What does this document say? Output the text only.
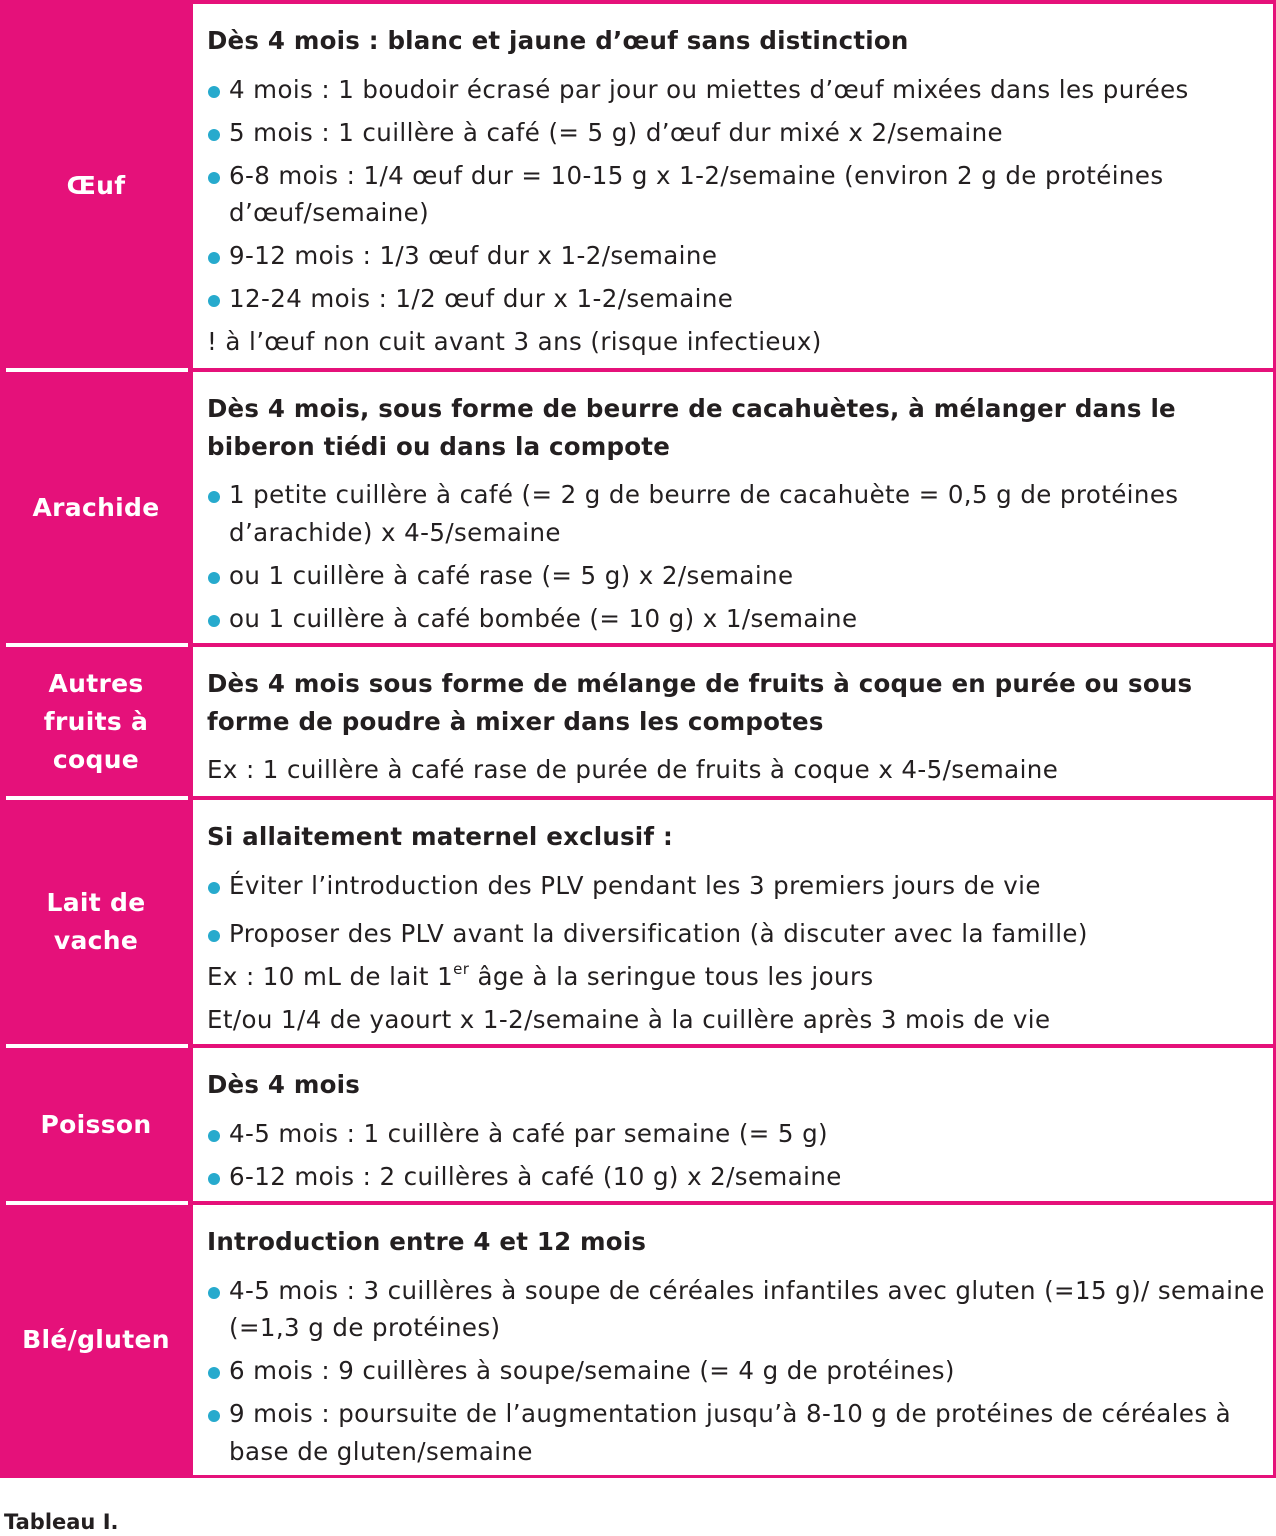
Œuf
Dès 4 mois : blanc et jaune d’œuf sans distinction
4 mois : 1 boudoir écrasé par jour ou miettes d’œuf mixées dans les purées
5 mois : 1 cuillère à café (= 5 g) d’œuf dur mixé x 2/semaine
6-8 mois : 1/4 œuf dur = 10-15 g x 1-2/semaine (environ 2 g de protéines d’œuf/semaine)
9-12 mois : 1/3 œuf dur x 1-2/semaine
12-24 mois : 1/2 œuf dur x 1-2/semaine
! à l’œuf non cuit avant 3 ans (risque infectieux)
Arachide
Dès 4 mois, sous forme de beurre de cacahuètes, à mélanger dans le biberon tiédi ou dans la compote
1 petite cuillère à café (= 2 g de beurre de cacahuète = 0,5 g de protéines d’arachide) x 4-5/semaine
ou 1 cuillère à café rase (= 5 g) x 2/semaine
ou 1 cuillère à café bombée (= 10 g) x 1/semaine
Autres
fruits à
coque
Dès 4 mois sous forme de mélange de fruits à coque en purée ou sous forme de poudre à mixer dans les compotes
Ex : 1 cuillère à café rase de purée de fruits à coque x 4-5/semaine
Lait de
vache
Si allaitement maternel exclusif :
Éviter l’introduction des PLV pendant les 3 premiers jours de vie
Proposer des PLV avant la diversification (à discuter avec la famille)
Ex : 10 mL de lait 1er âge à la seringue tous les jours
Et/ou 1/4 de yaourt x 1-2/semaine à la cuillère après 3 mois de vie
Poisson
Dès 4 mois
4-5 mois : 1 cuillère à café par semaine (= 5 g)
6-12 mois : 2 cuillères à café (10 g) x 2/semaine
Blé/gluten
Introduction entre 4 et 12 mois
4-5 mois : 3 cuillères à soupe de céréales infantiles avec gluten (=15 g)/ semaine (=1,3 g de protéines)
6 mois : 9 cuillères à soupe/semaine (= 4 g de protéines)
9 mois : poursuite de l’augmentation jusqu’à 8-10 g de protéines de céréales à base de gluten/semaine
Tableau I.
